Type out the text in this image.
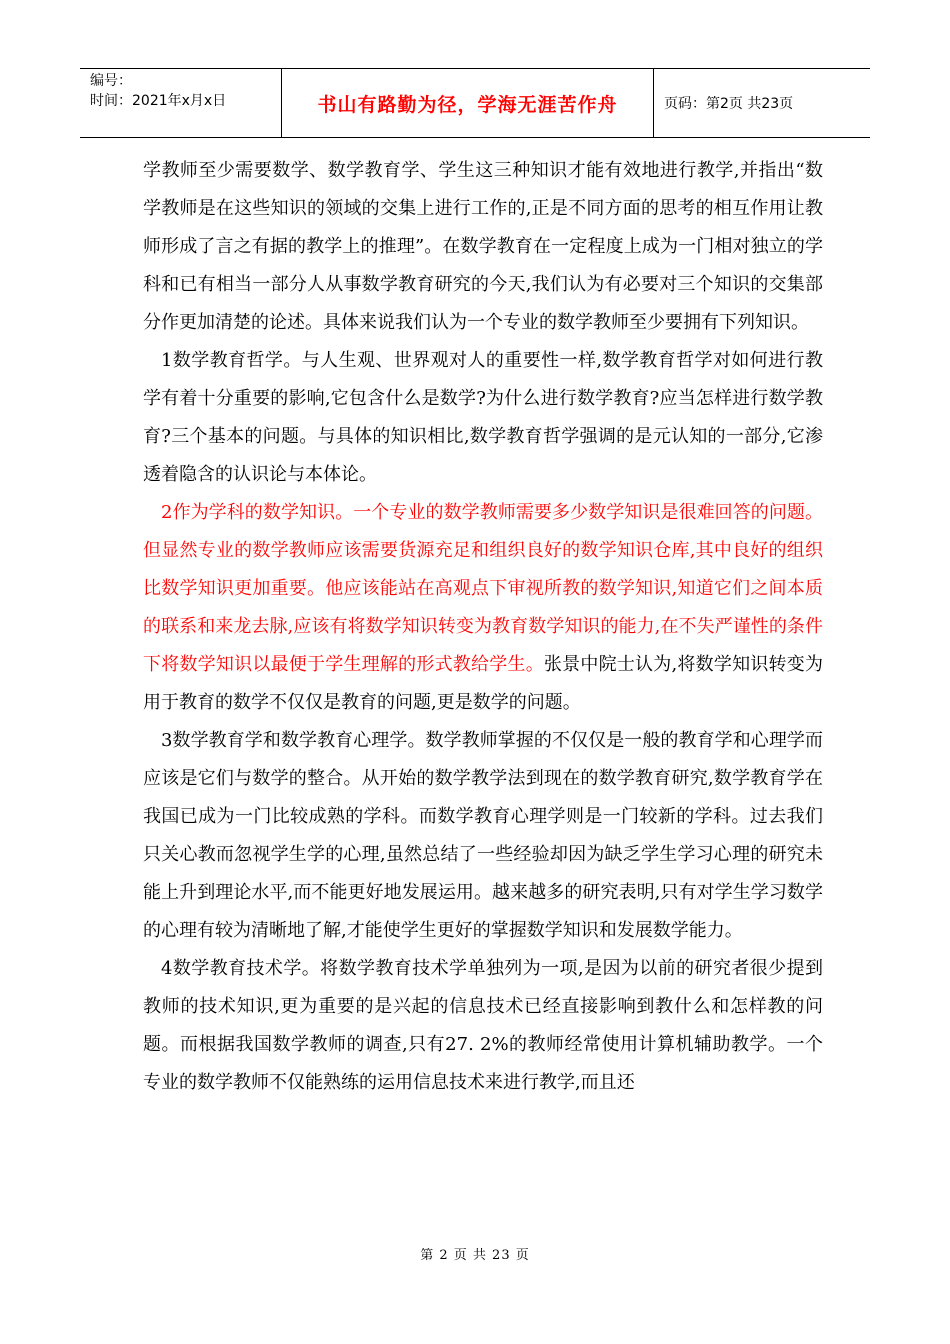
编号：
时间：2021年x月x日	书山有路勤为径，学海无涯苦作舟	页码：第2页 共23页

学教师至少需要数学、数学教育学、学生这三种知识才能有效地进行教学,并指出“数学教师是在这些知识的领域的交集上进行工作的,正是不同方面的思考的相互作用让教师形成了言之有据的教学上的推理”。在数学教育在一定程度上成为一门相对独立的学科和已有相当一部分人从事数学教育研究的今天,我们认为有必要对三个知识的交集部分作更加清楚的论述。具体来说我们认为一个专业的数学教师至少要拥有下列知识。

1数学教育哲学。与人生观、世界观对人的重要性一样,数学教育哲学对如何进行教学有着十分重要的影响,它包含什么是数学?为什么进行数学教育?应当怎样进行数学教育?三个基本的问题。与具体的知识相比,数学教育哲学强调的是元认知的一部分,它渗透着隐含的认识论与本体论。

2作为学科的数学知识。一个专业的数学教师需要多少数学知识是很难回答的问题。但显然专业的数学教师应该需要货源充足和组织良好的数学知识仓库,其中良好的组织比数学知识更加重要。他应该能站在高观点下审视所教的数学知识,知道它们之间本质的联系和来龙去脉,应该有将数学知识转变为教育数学知识的能力,在不失严谨性的条件下将数学知识以最便于学生理解的形式教给学生。张景中院士认为,将数学知识转变为用于教育的数学不仅仅是教育的问题,更是数学的问题。

3数学教育学和数学教育心理学。数学教师掌握的不仅仅是一般的教育学和心理学而应该是它们与数学的整合。从开始的数学教学法到现在的数学教育研究,数学教育学在我国已成为一门比较成熟的学科。而数学教育心理学则是一门较新的学科。过去我们只关心教而忽视学生学的心理,虽然总结了一些经验却因为缺乏学生学习心理的研究未能上升到理论水平,而不能更好地发展运用。越来越多的研究表明,只有对学生学习数学的心理有较为清晰地了解,才能使学生更好的掌握数学知识和发展数学能力。

4数学教育技术学。将数学教育技术学单独列为一项,是因为以前的研究者很少提到教师的技术知识,更为重要的是兴起的信息技术已经直接影响到教什么和怎样教的问题。而根据我国数学教师的调查,只有27. 2%的教师经常使用计算机辅助教学。一个专业的数学教师不仅能熟练的运用信息技术来进行教学,而且还

第 2 页 共 23 页
